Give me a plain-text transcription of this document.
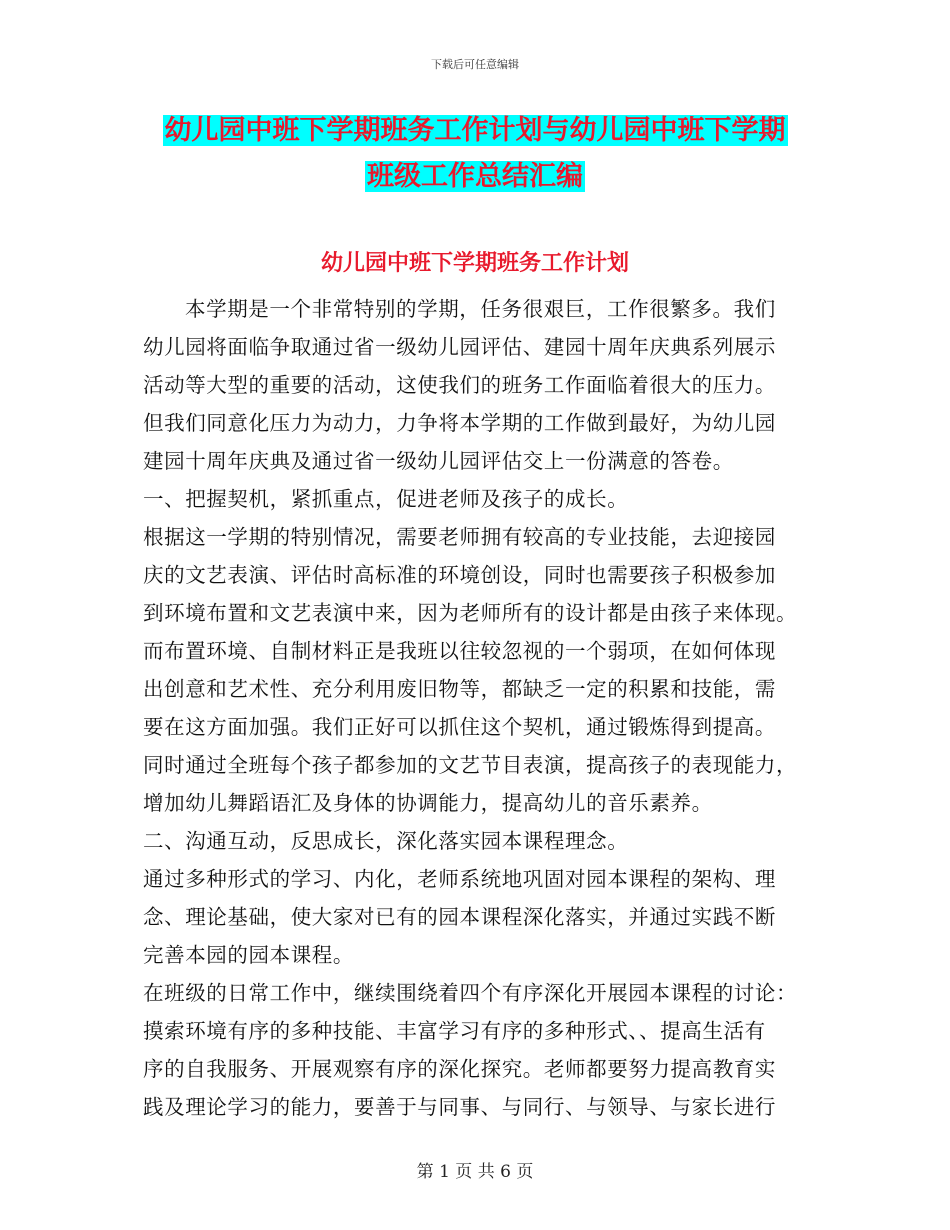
下载后可任意编辑
幼儿园中班下学期班务工作计划与幼儿园中班下学期
班级工作总结汇编
幼儿园中班下学期班务工作计划
本学期是一个非常特别的学期，任务很艰巨，工作很繁多。我们
幼儿园将面临争取通过省一级幼儿园评估、建园十周年庆典系列展示
活动等大型的重要的活动，这使我们的班务工作面临着很大的压力。
但我们同意化压力为动力，力争将本学期的工作做到最好，为幼儿园
建园十周年庆典及通过省一级幼儿园评估交上一份满意的答卷。
一、把握契机，紧抓重点，促进老师及孩子的成长。
根据这一学期的特别情况，需要老师拥有较高的专业技能，去迎接园
庆的文艺表演、评估时高标准的环境创设，同时也需要孩子积极参加
到环境布置和文艺表演中来，因为老师所有的设计都是由孩子来体现。
而布置环境、自制材料正是我班以往较忽视的一个弱项，在如何体现
出创意和艺术性、充分利用废旧物等，都缺乏一定的积累和技能，需
要在这方面加强。我们正好可以抓住这个契机，通过锻炼得到提高。
同时通过全班每个孩子都参加的文艺节目表演，提高孩子的表现能力，
增加幼儿舞蹈语汇及身体的协调能力，提高幼儿的音乐素养。
二、沟通互动，反思成长，深化落实园本课程理念。
通过多种形式的学习、内化，老师系统地巩固对园本课程的架构、理
念、理论基础，使大家对已有的园本课程深化落实，并通过实践不断
完善本园的园本课程。
在班级的日常工作中，继续围绕着四个有序深化开展园本课程的讨论：
摸索环境有序的多种技能、丰富学习有序的多种形式、、提高生活有
序的自我服务、开展观察有序的深化探究。老师都要努力提高教育实
践及理论学习的能力，要善于与同事、与同行、与领导、与家长进行
第 1 页 共 6 页
